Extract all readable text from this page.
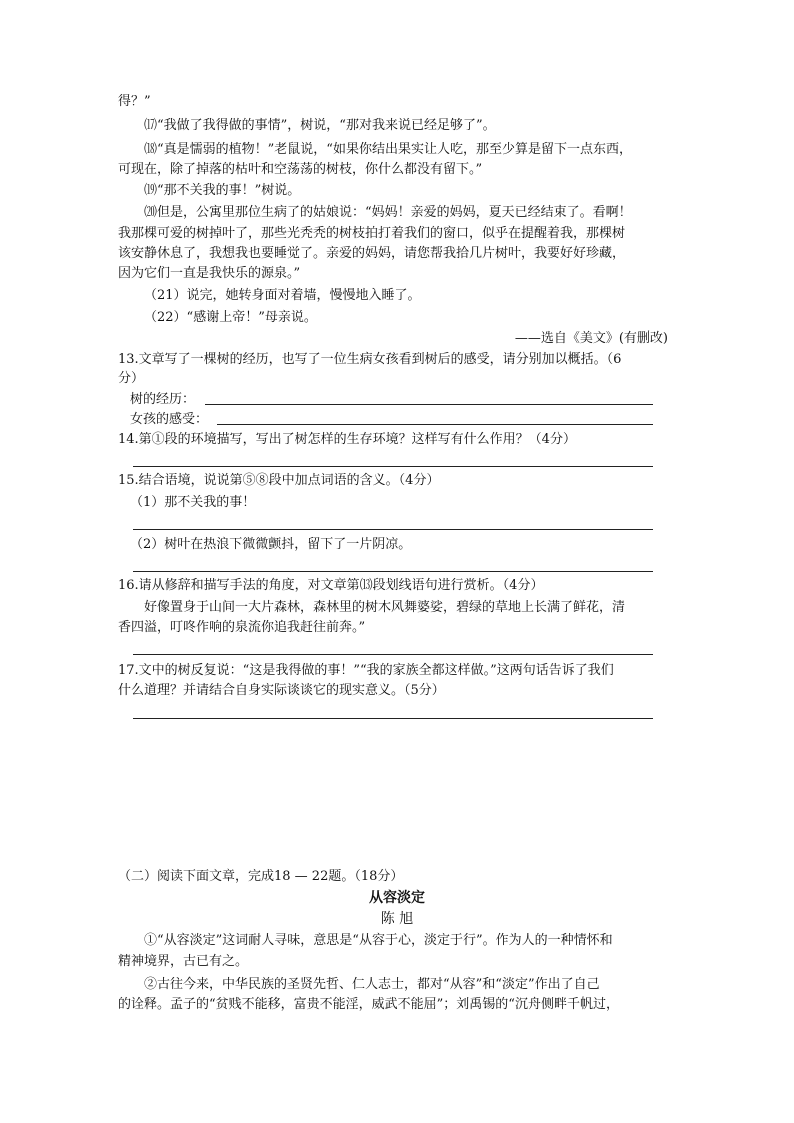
得？”
⒄“我做了我得做的事情”，树说，“那对我来说已经足够了”。
⒅“真是懦弱的植物！”老鼠说，“如果你结出果实让人吃，那至少算是留下一点东西，
可现在，除了掉落的枯叶和空荡荡的树枝，你什么都没有留下。”
⒆“那不关我的事！”树说。
⒇但是，公寓里那位生病了的姑娘说：“妈妈！亲爱的妈妈，夏天已经结束了。看啊！
我那棵可爱的树掉叶了，那些光秃秃的树枝拍打着我们的窗口，似乎在提醒着我，那棵树
该安静休息了，我想我也要睡觉了。亲爱的妈妈，请您帮我拾几片树叶，我要好好珍藏，
因为它们一直是我快乐的源泉。”
（21）说完，她转身面对着墙，慢慢地入睡了。
（22）“感谢上帝！”母亲说。
——选自《美文》(有删改)
13.文章写了一棵树的经历，也写了一位生病女孩看到树后的感受，请分别加以概括。（6
分）
树的经历：
女孩的感受：
14.第①段的环境描写，写出了树怎样的生存环境？这样写有什么作用？（4分）
15.结合语境，说说第⑤⑧段中加点词语的含义。（4分）
（1）那不关我的事！
（2）树叶在热浪下微微颤抖，留下了一片阴凉。
16.请从修辞和描写手法的角度，对文章第⒀段划线语句进行赏析。（4分）
好像置身于山间一大片森林，森林里的树木风舞婆娑，碧绿的草地上长满了鲜花，清
香四溢，叮咚作响的泉流你追我赶往前奔。”
17.文中的树反复说：“这是我得做的事！”“我的家族全都这样做。”这两句话告诉了我们
什么道理？并请结合自身实际谈谈它的现实意义。（5分）
（二）阅读下面文章，完成18 — 22题。（18分）
从容淡定
陈 旭
①“从容淡定”这词耐人寻味，意思是“从容于心，淡定于行”。作为人的一种情怀和
精神境界，古已有之。
②古往今来，中华民族的圣贤先哲、仁人志士，都对“从容”和“淡定”作出了自己
的诠释。孟子的“贫贱不能移，富贵不能淫，威武不能屈”；刘禹锡的“沉舟侧畔千帆过，
